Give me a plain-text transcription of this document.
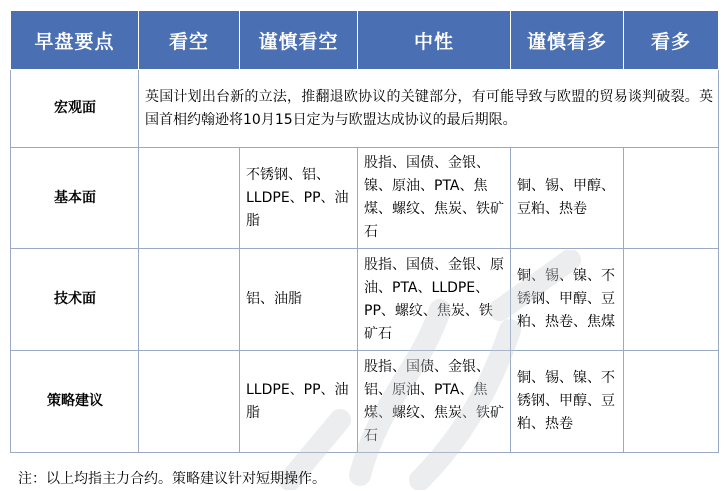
早盘要点	看空	谨慎看空	中性	谨慎看多	看多
宏观面	英国计划出台新的立法，推翻退欧协议的关键部分，有可能导致与欧盟的贸易谈判破裂。英国首相约翰逊将10月15日定为与欧盟达成协议的最后期限。				
基本面		不锈钢、铝、LLDPE、PP、油脂	股指、国债、金银、镍、原油、PTA、焦煤、螺纹、焦炭、铁矿石	铜、锡、甲醇、豆粕、热卷	
技术面		铝、油脂	股指、国债、金银、原油、PTA、LLDPE、PP、螺纹、焦炭、铁矿石	铜、锡、镍、不锈钢、甲醇、豆粕、热卷、焦煤	
策略建议		LLDPE、PP、油脂	股指、国债、金银、铝、原油、PTA、焦煤、螺纹、焦炭、铁矿石	铜、锡、镍、不锈钢、甲醇、豆粕、热卷	
注：以上均指主力合约。策略建议针对短期操作。
